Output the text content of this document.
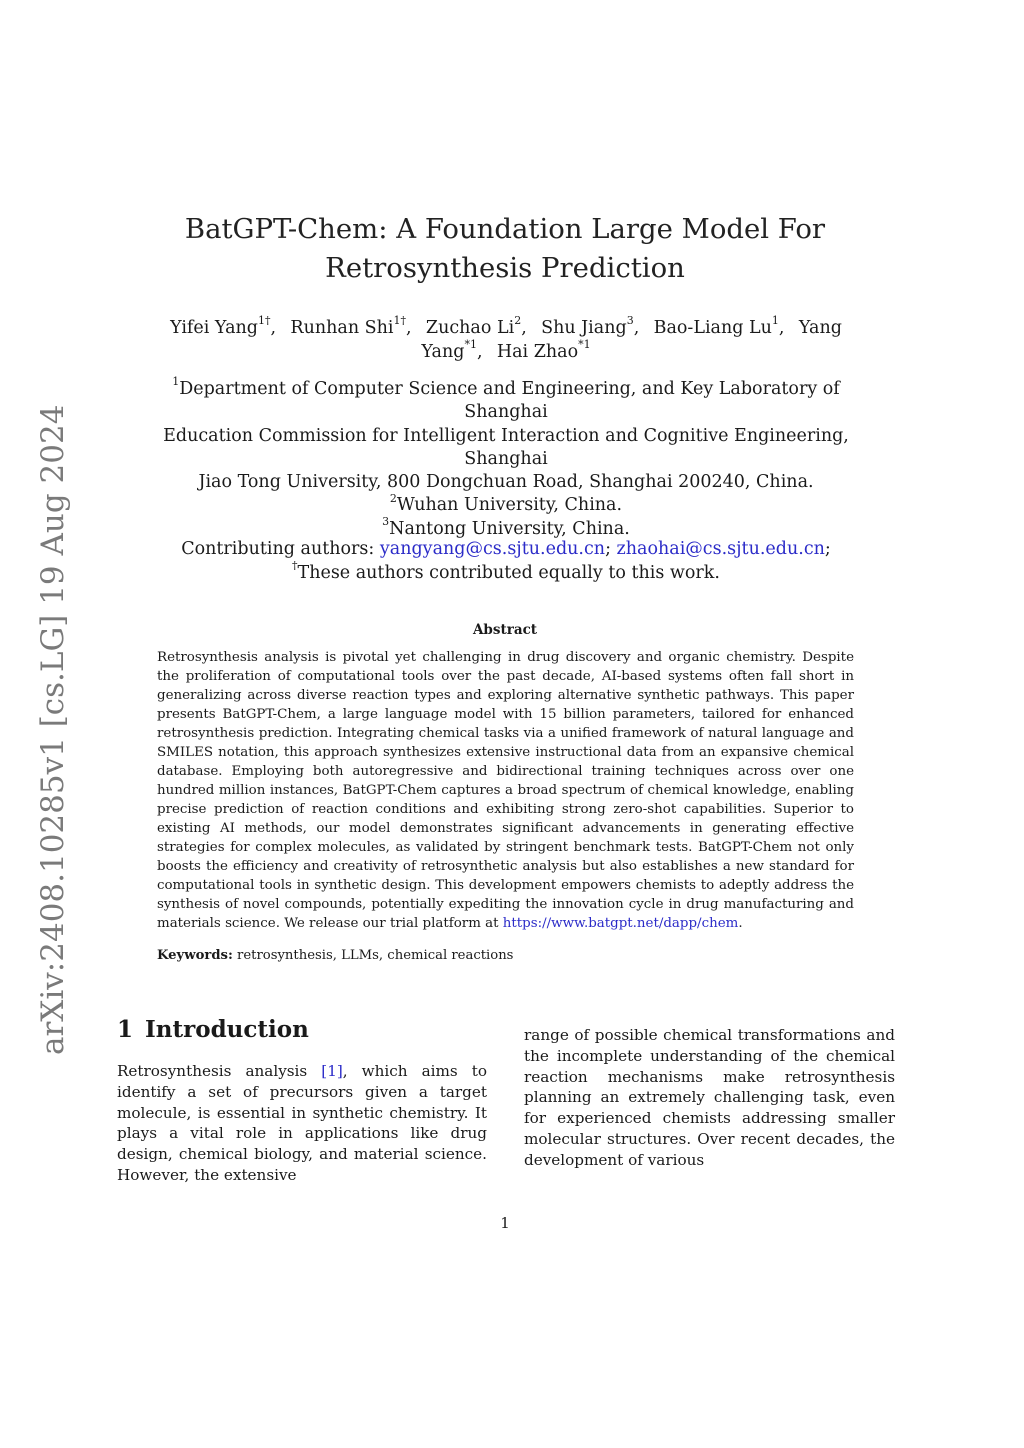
arXiv:2408.10285v1 [cs.LG] 19 Aug 2024
BatGPT-Chem: A Foundation Large Model For
Retrosynthesis Prediction
Yifei Yang$^{1\dagger}$,  Runhan Shi$^{1\dagger}$,  Zuchao Li$^2$,  Shu Jiang$^3$,  Bao-Liang Lu$^1$,  Yang Yang$^{*1}$,  Hai Zhao$^{*1}$
$^1$Department of Computer Science and Engineering, and Key Laboratory of Shanghai
Education Commission for Intelligent Interaction and Cognitive Engineering, Shanghai
Jiao Tong University, 800 Dongchuan Road, Shanghai 200240, China.
$^2$Wuhan University, China.
$^3$Nantong University, China.
Contributing authors: yangyang@cs.sjtu.edu.cn; zhaohai@cs.sjtu.edu.cn;
†These authors contributed equally to this work.
Abstract
Retrosynthesis analysis is pivotal yet challenging in drug discovery and organic chemistry. Despite the proliferation of computational tools over the past decade, AI-based systems often fall short in generalizing across diverse reaction types and exploring alternative synthetic pathways. This paper presents BatGPT-Chem, a large language model with 15 billion parameters, tailored for enhanced retrosynthesis prediction. Integrating chemical tasks via a unified framework of natural language and SMILES notation, this approach synthesizes extensive instructional data from an expansive chemical database. Employing both autoregressive and bidirectional training techniques across over one hundred million instances, BatGPT-Chem captures a broad spectrum of chemical knowledge, enabling precise prediction of reaction conditions and exhibiting strong zero-shot capabilities. Superior to existing AI methods, our model demonstrates significant advancements in generating effective strategies for complex molecules, as validated by stringent benchmark tests. BatGPT-Chem not only boosts the efficiency and creativity of retrosynthetic analysis but also establishes a new standard for computational tools in synthetic design. This development empowers chemists to adeptly address the synthesis of novel compounds, potentially expediting the innovation cycle in drug manufacturing and materials science. We release our trial platform at https://www.batgpt.net/dapp/chem.
Keywords: retrosynthesis, LLMs, chemical reactions
1 Introduction
Retrosynthesis analysis [1], which aims to identify a set of precursors given a target molecule, is essential in synthetic chemistry. It plays a vital role in applications like drug design, chemical biology, and material science. However, the extensive
range of possible chemical transformations and the incomplete understanding of the chemical reaction mechanisms make retrosynthesis planning an extremely challenging task, even for experienced chemists addressing smaller molecular structures. Over recent decades, the development of various
1
